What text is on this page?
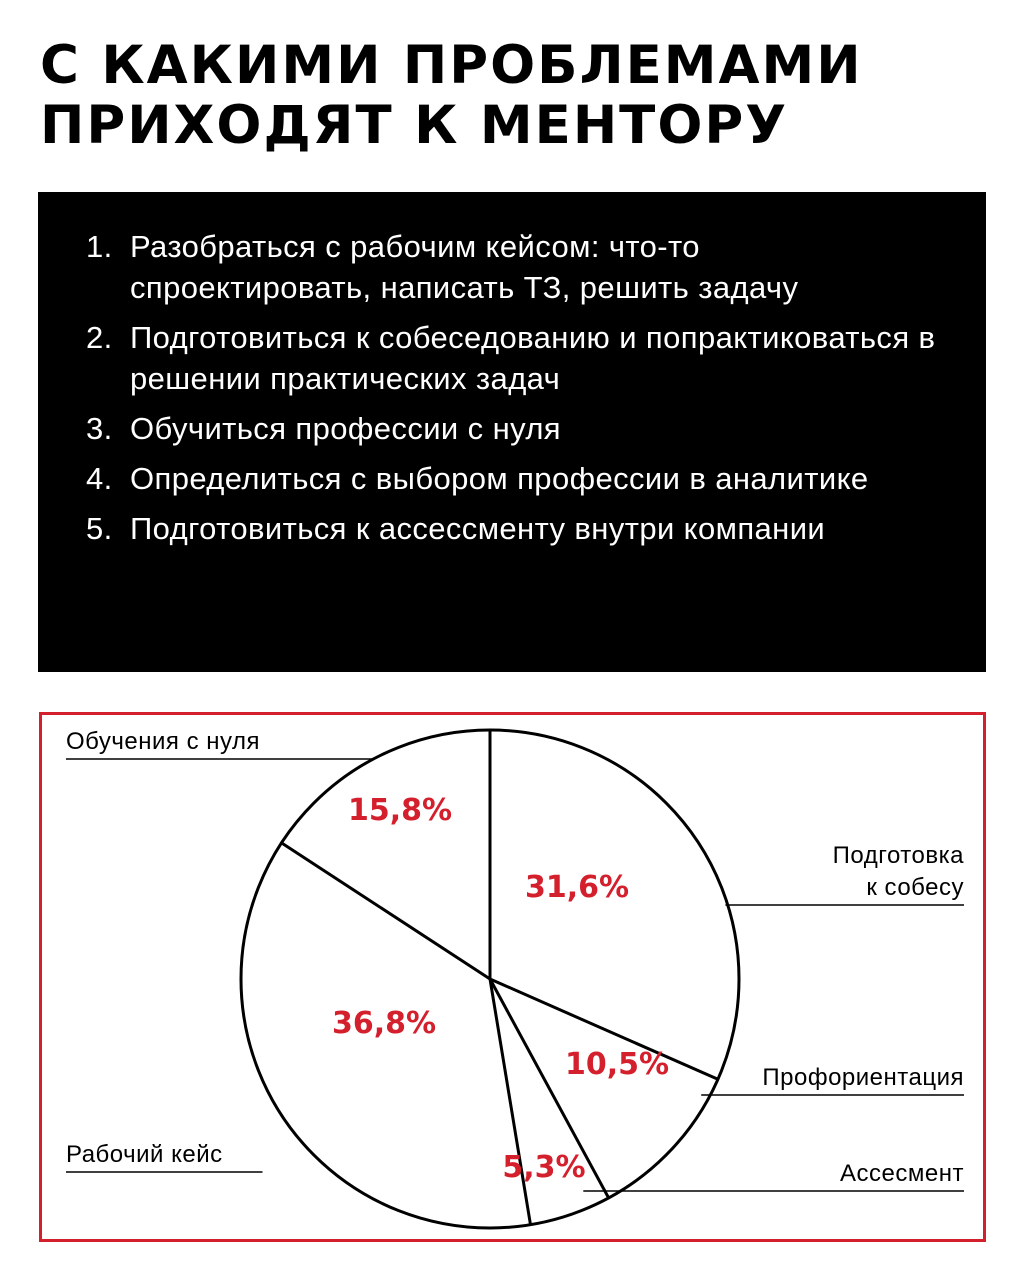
С КАКИМИ ПРОБЛЕМАМИ
ПРИХОДЯТ К МЕНТОРУ
1. Разобраться с рабочим кейсом: что-то спроектировать, написать ТЗ, решить задачу
2. Подготовиться к собеседованию и попрактиковаться в решении практических задач
3. Обучиться профессии с нуля
4. Определиться с выбором профессии в аналитике
5. Подготовиться к ассессменту внутри компании
Подготовка
к собесу
31,6%
Профориентация
10,5%
Ассесмент
5,3%
Рабочий кейс
36,8%
Обучения с нуля
15,8%
